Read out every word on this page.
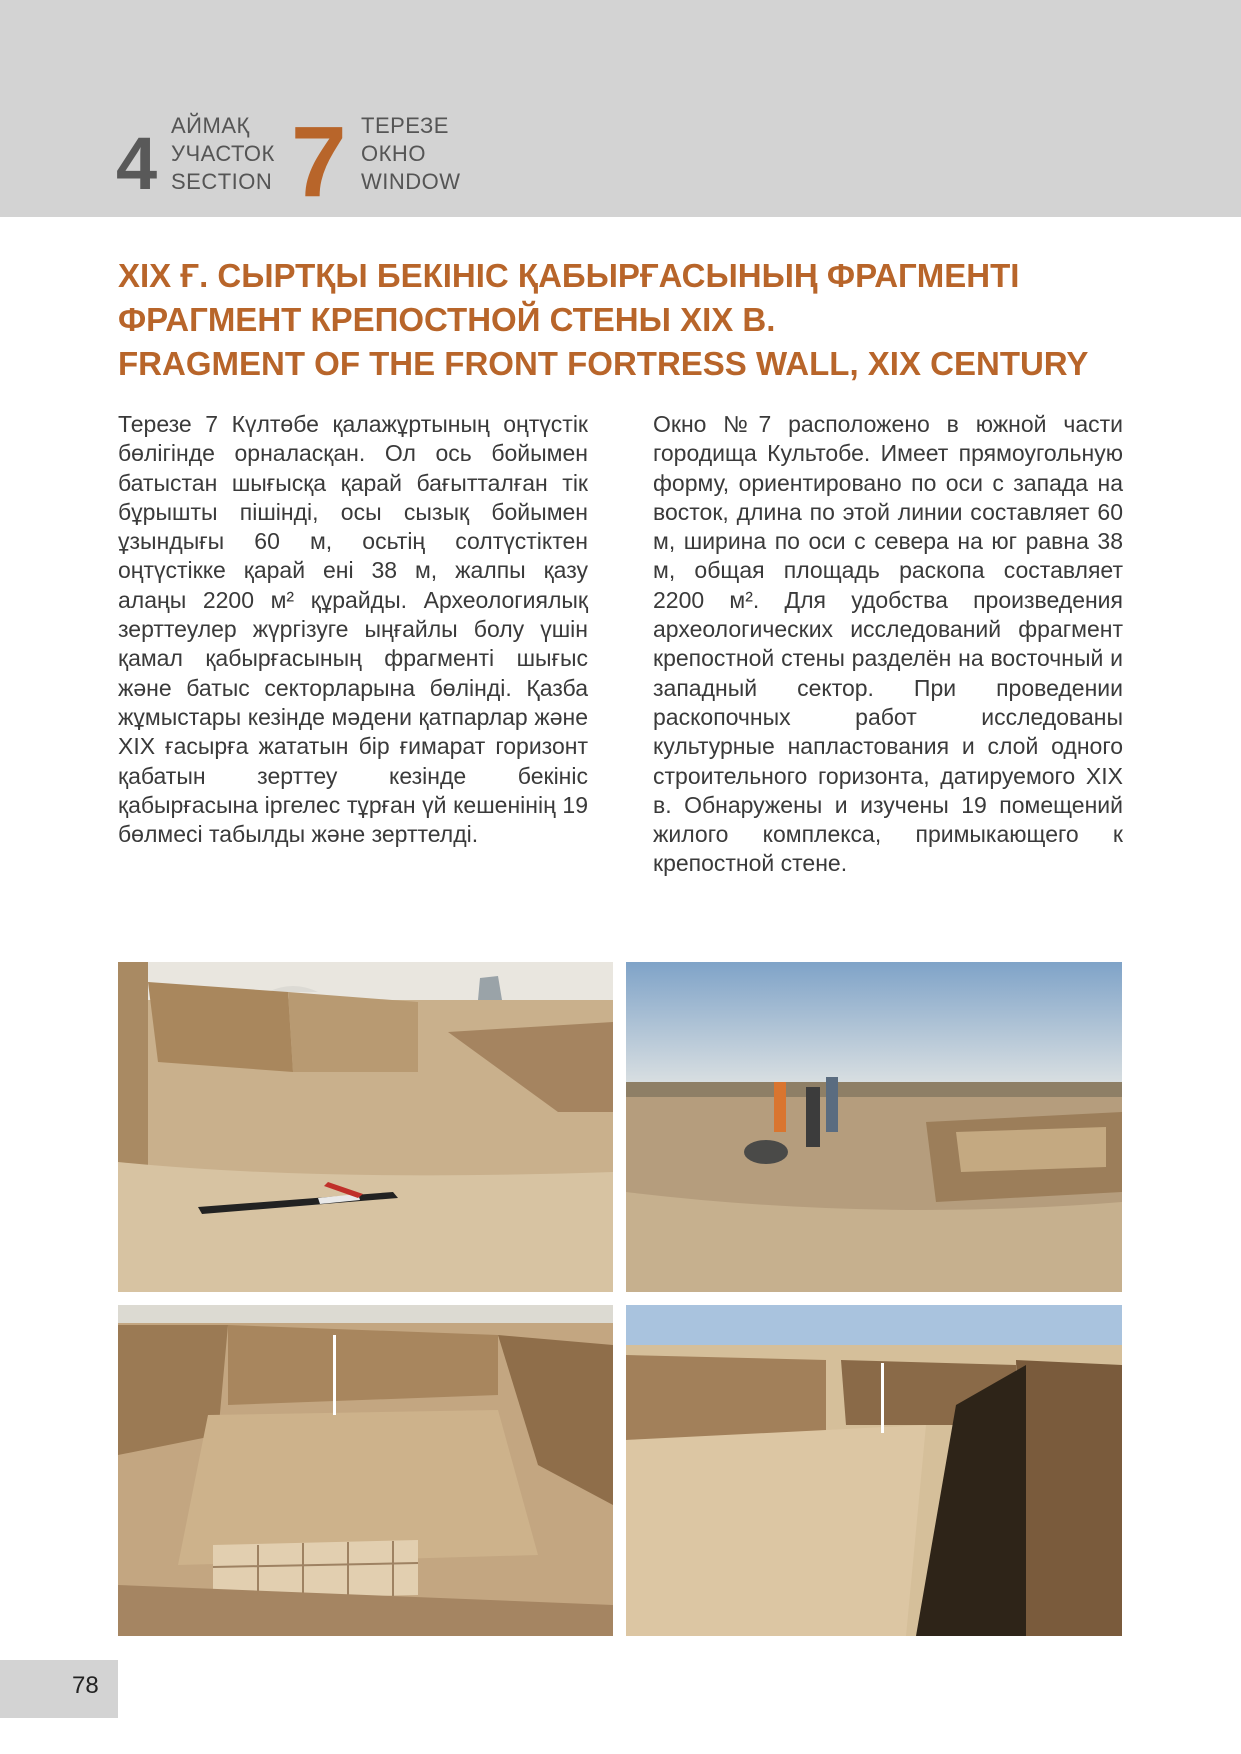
4 АЙМАҚ
УЧАСТОК
SECTION 7 ТЕРЕЗЕ
ОКНО
WINDOW
XIX Ғ. СЫРТҚЫ БЕКІНІС ҚАБЫРҒАСЫНЫҢ ФРАГМЕНТІ
ФРАГМЕНТ КРЕПОСТНОЙ СТЕНЫ XIX В.
FRAGMENT OF THE FRONT FORTRESS WALL, XIX CENTURY
Терезе 7 Күлтөбе қалажұртының оңтүстік бөлігінде орналасқан. Ол ось бойымен батыстан шығысқа қарай бағытталған тік бұрышты пішінді, осы сызық бойымен ұзындығы 60 м, осьтің солтүстіктен оңтүстікке қарай ені 38 м, жалпы қазу алаңы 2200 м² құрайды. Археологиялық зерттеулер жүргізуге ыңғайлы болу үшін қамал қабырғасының фрагменті шығыс және батыс секторларына бөлінді. Қазба жұмыстары кезінде мәдени қатпарлар және XIX ғасырға жататын бір ғимарат горизонт қабатын зерттеу кезінде бекініс қабырғасына іргелес тұрған үй кешенінің 19 бөлмесі табылды және зерттелді.
Окно №7 расположено в южной части городища Культобе. Имеет прямоугольную форму, ориентировано по оси с запада на восток, длина по этой линии составляет 60 м, ширина по оси с севера на юг равна 38 м, общая площадь раскопа составляет 2200 м². Для удобства произведения археологических исследований фрагмент крепостной стены разделён на восточный и западный сектор. При проведении раскопочных работ исследованы культурные напластования и слой одного строительного горизонта, датируемого XIX в. Обнаружены и изучены 19 помещений жилого комплекса, примыкающего к крепостной стене.
78
